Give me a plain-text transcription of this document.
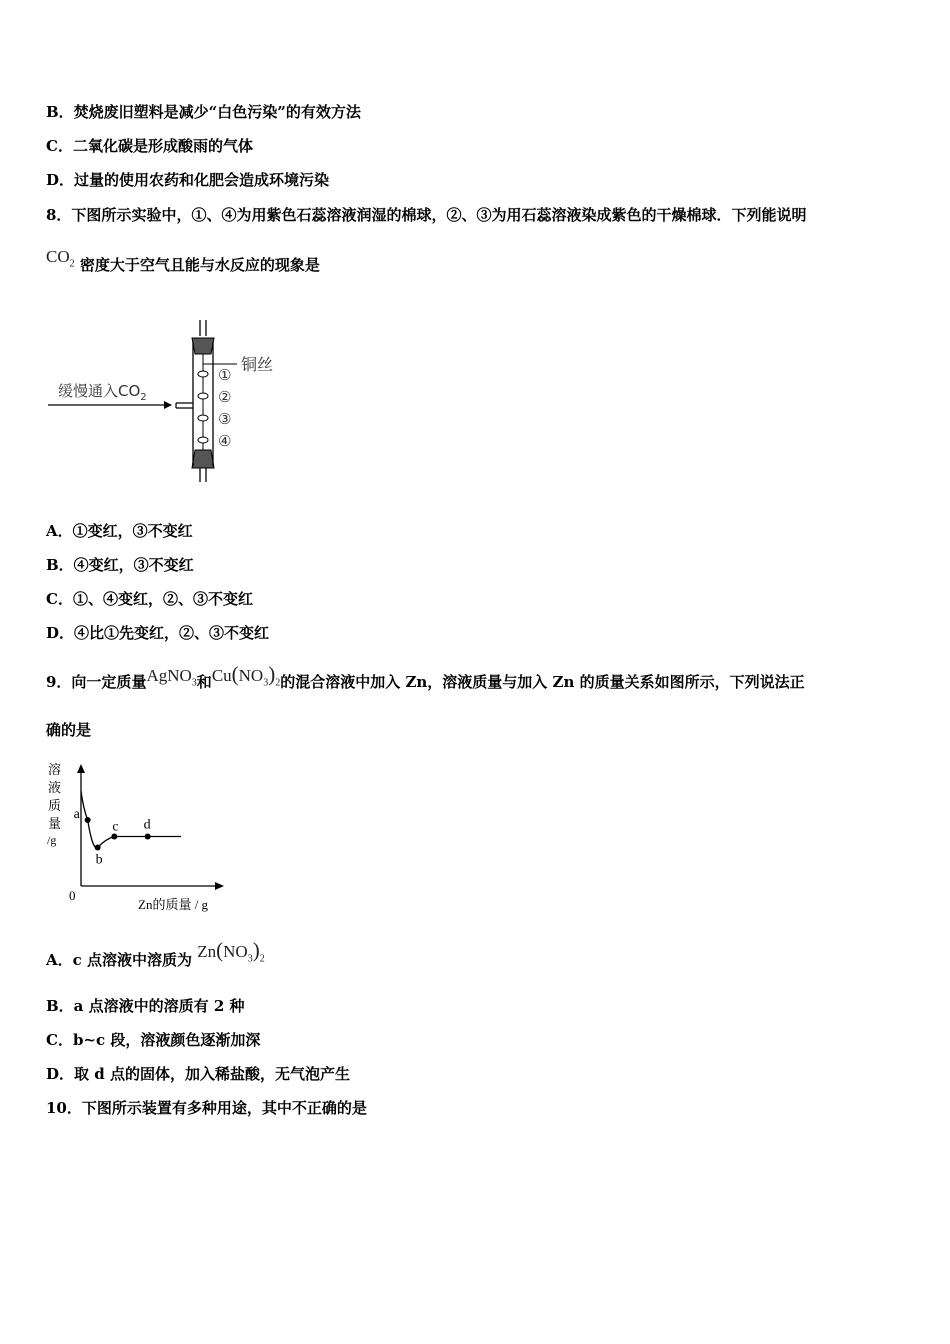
B．焚烧废旧塑料是减少“白色污染”的有效方法
C．二氧化碳是形成酸雨的气体
D．过量的使用农药和化肥会造成环境污染
8．下图所示实验中，①、④为用紫色石蕊溶液润湿的棉球，②、③为用石蕊溶液染成紫色的干燥棉球．下列能说明
$CO_2$ 密度大于空气且能与水反应的现象是
缓慢通入$CO_2$
铜丝
①
②
③
④
A．①变红，③不变红
B．④变红，③不变红
C．①、④变红，②、③不变红
D．④比①先变红，②、③不变红
9．向一定质量AgNO$_3$和$Cu(NO_3)_2$的混合溶液中加入 Zn，溶液质量与加入 Zn 的质量关系如图所示，下列说法正
确的是
溶
液
质
量
/g
0
Zn的质量 / g
a
b
c d
A．c 点溶液中溶质为 $Zn(NO_3)_2$
B．a 点溶液中的溶质有 2 种
C．b~c 段，溶液颜色逐渐加深
D．取 d 点的固体，加入稀盐酸，无气泡产生
10．下图所示装置有多种用途，其中不正确的是
